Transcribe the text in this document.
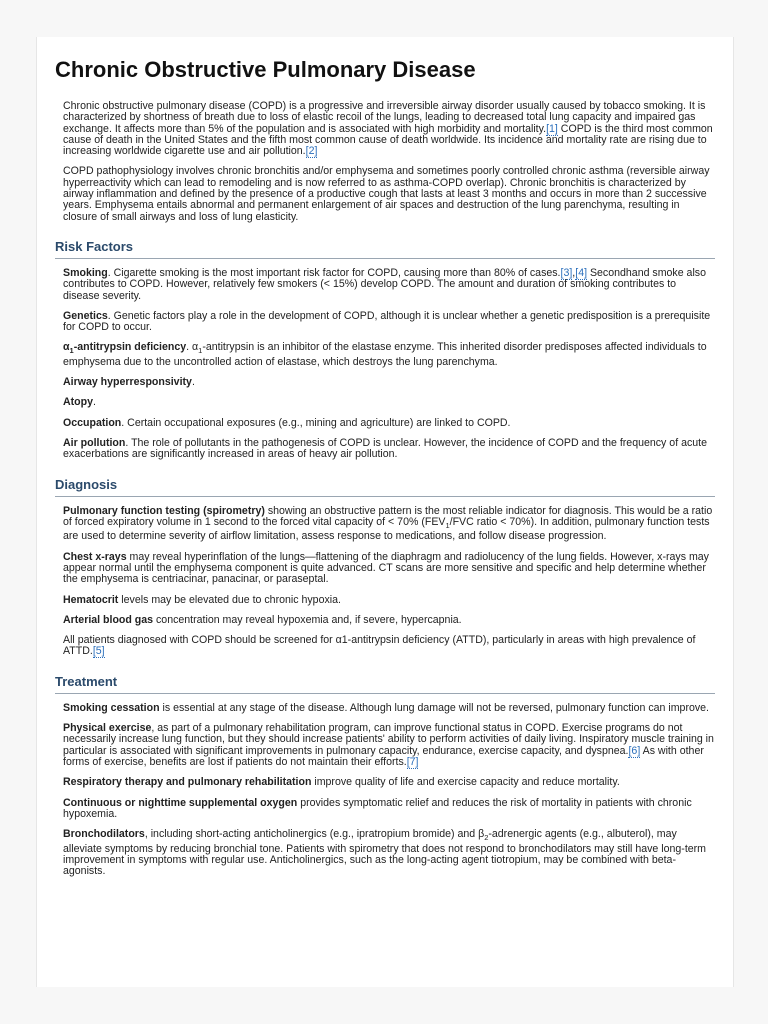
Chronic Obstructive Pulmonary Disease

Chronic obstructive pulmonary disease (COPD) is a progressive and irreversible airway disorder usually caused by tobacco smoking. It is characterized by shortness of breath due to loss of elastic recoil of the lungs, leading to decreased total lung capacity and impaired gas exchange. It affects more than 5% of the population and is associated with high morbidity and mortality.[1] COPD is the third most common cause of death in the United States and the fifth most common cause of death worldwide. Its incidence and mortality rate are rising due to increasing worldwide cigarette use and air pollution.[2]

COPD pathophysiology involves chronic bronchitis and/or emphysema and sometimes poorly controlled chronic asthma (reversible airway hyperreactivity which can lead to remodeling and is now referred to as asthma-COPD overlap). Chronic bronchitis is characterized by airway inflammation and defined by the presence of a productive cough that lasts at least 3 months and occurs in more than 2 successive years. Emphysema entails abnormal and permanent enlargement of air spaces and destruction of the lung parenchyma, resulting in closure of small airways and loss of lung elasticity.

Risk Factors

Smoking. Cigarette smoking is the most important risk factor for COPD, causing more than 80% of cases.[3],[4] Secondhand smoke also contributes to COPD. However, relatively few smokers (< 15%) develop COPD. The amount and duration of smoking contributes to disease severity.

Genetics. Genetic factors play a role in the development of COPD, although it is unclear whether a genetic predisposition is a prerequisite for COPD to occur.

$\alpha_1$-antitrypsin deficiency. $\alpha_1$-antitrypsin is an inhibitor of the elastase enzyme. This inherited disorder predisposes affected individuals to emphysema due to the uncontrolled action of elastase, which destroys the lung parenchyma.

Airway hyperresponsivity.

Atopy.

Occupation. Certain occupational exposures (e.g., mining and agriculture) are linked to COPD.

Air pollution. The role of pollutants in the pathogenesis of COPD is unclear. However, the incidence of COPD and the frequency of acute exacerbations are significantly increased in areas of heavy air pollution.

Diagnosis

Pulmonary function testing (spirometry) showing an obstructive pattern is the most reliable indicator for diagnosis. This would be a ratio of forced expiratory volume in 1 second to the forced vital capacity of < 70% ($FEV_1$/FVC ratio < 70%). In addition, pulmonary function tests are used to determine severity of airflow limitation, assess response to medications, and follow disease progression.

Chest x-rays may reveal hyperinflation of the lungs—flattening of the diaphragm and radiolucency of the lung fields. However, x-rays may appear normal until the emphysema component is quite advanced. CT scans are more sensitive and specific and help determine whether the emphysema is centriacinar, panacinar, or paraseptal.

Hematocrit levels may be elevated due to chronic hypoxia.

Arterial blood gas concentration may reveal hypoxemia and, if severe, hypercapnia.

All patients diagnosed with COPD should be screened for α1-antitrypsin deficiency (ATTD), particularly in areas with high prevalence of ATTD.[5]

Treatment

Smoking cessation is essential at any stage of the disease. Although lung damage will not be reversed, pulmonary function can improve.

Physical exercise, as part of a pulmonary rehabilitation program, can improve functional status in COPD. Exercise programs do not necessarily increase lung function, but they should increase patients' ability to perform activities of daily living. Inspiratory muscle training in particular is associated with significant improvements in pulmonary capacity, endurance, exercise capacity, and dyspnea.[6] As with other forms of exercise, benefits are lost if patients do not maintain their efforts.[7]

Respiratory therapy and pulmonary rehabilitation improve quality of life and exercise capacity and reduce mortality.

Continuous or nighttime supplemental oxygen provides symptomatic relief and reduces the risk of mortality in patients with chronic hypoxemia.

Bronchodilators, including short-acting anticholinergics (e.g., ipratropium bromide) and $\beta_2$-adrenergic agents (e.g., albuterol), may alleviate symptoms by reducing bronchial tone. Patients with spirometry that does not respond to bronchodilators may still have long-term improvement in symptoms with regular use. Anticholinergics, such as the long-acting agent tiotropium, may be combined with beta-agonists.
